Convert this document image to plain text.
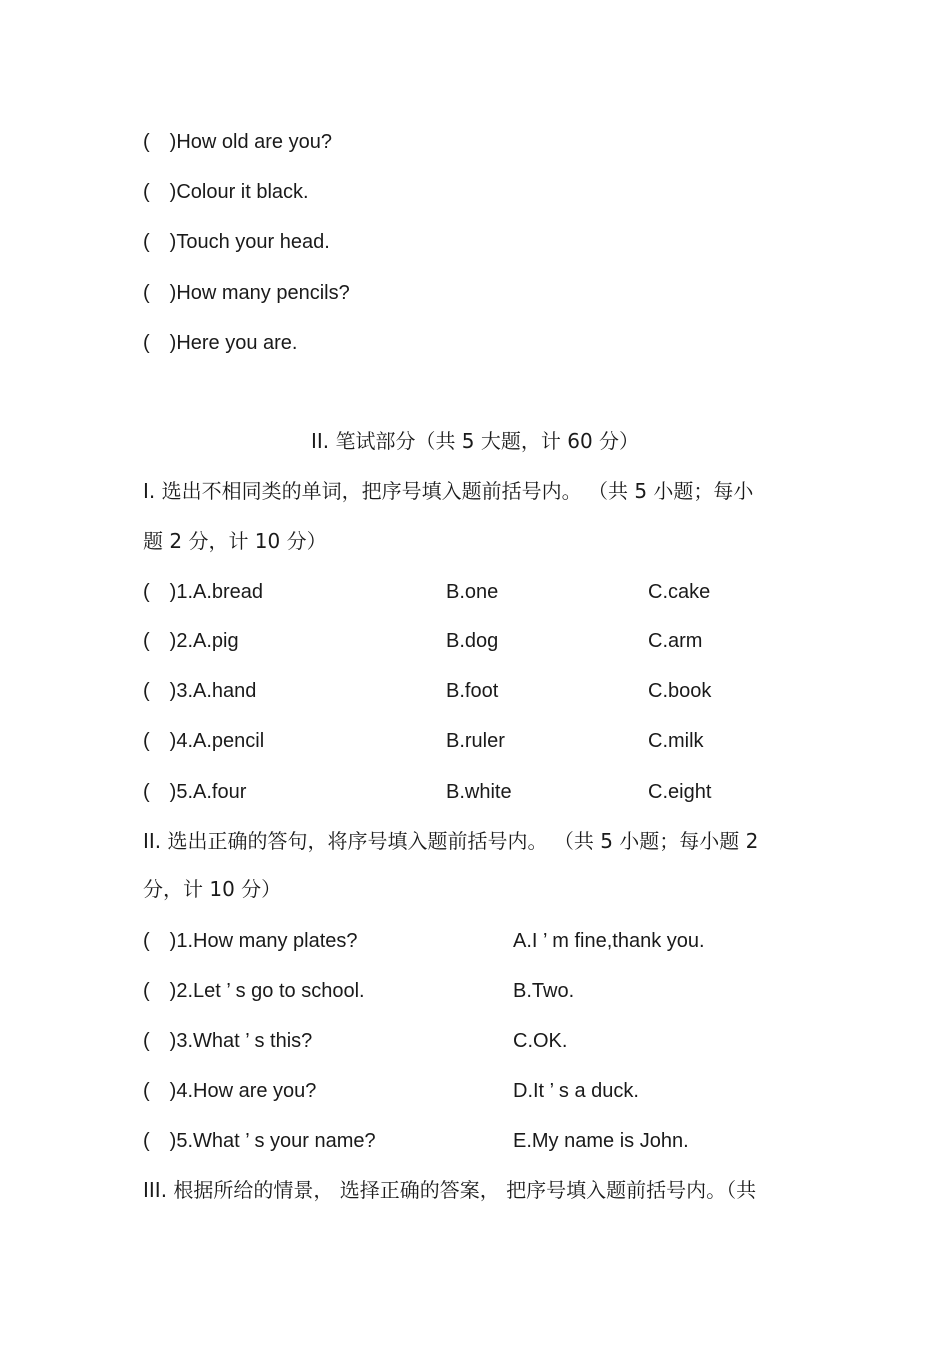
(　)How old are you?
(　)Colour it black.
(　)Touch your head.
(　)How many pencils?
(　)Here you are.
II. 笔试部分（共 5 大题，计 60 分）
I. 选出不相同类的单词，把序号填入题前括号内。 （共 5 小题；每小
题 2 分，计 10 分）
(　)1.A.bread	B.one	C.cake
(　)2.A.pig	B.dog	C.arm
(　)3.A.hand	B.foot	C.book
(　)4.A.pencil	B.ruler	C.milk
(　)5.A.four	B.white	C.eight
II. 选出正确的答句，将序号填入题前括号内。 （共 5 小题；每小题 2
分，计 10 分）
(　)1.How many plates?	A.I ’ m fine,thank you.
(　)2.Let ’ s go to school.	B.Two.
(　)3.What ’ s this?	C.OK.
(　)4.How are you?	D.It ’ s a duck.
(　)5.What ’ s your name?	E.My name is John.
III. 根据所给的情景， 选择正确的答案， 把序号填入题前括号内。（共
